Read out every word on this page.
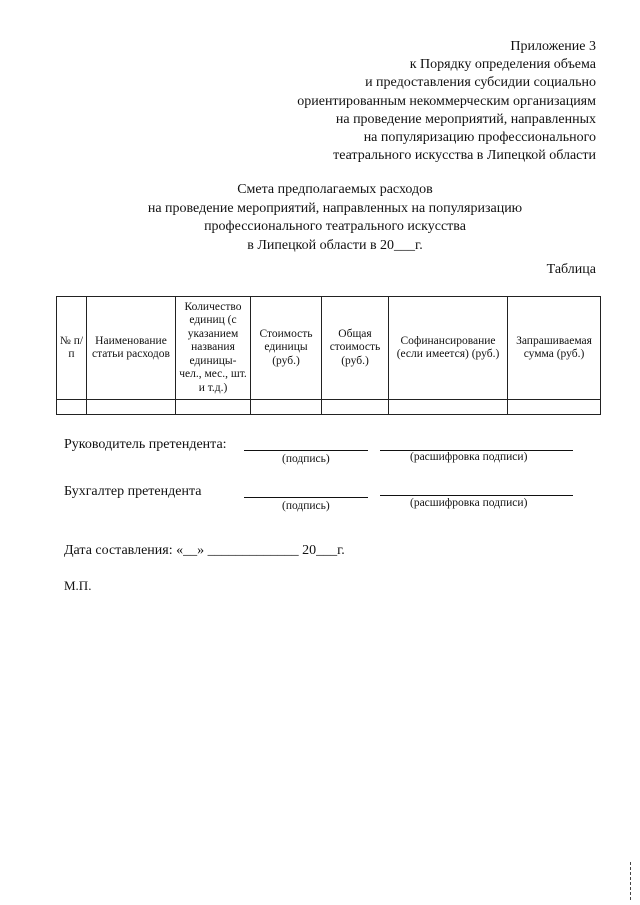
Приложение 3
к Порядку определения объема
и предоставления субсидии социально
ориентированным некоммерческим организациям
на проведение мероприятий, направленных
на популяризацию профессионального
театрального искусства в Липецкой области
Смета предполагаемых расходов
на проведение мероприятий, направленных на популяризацию
профессионального театрального искусства
в Липецкой области в 20___г.
Таблица
№ п/п	Наименование статьи расходов	Количество единиц (с указанием названия единицы- чел., мес., шт. и т.д.)	Стоимость единицы (руб.)	Общая стоимость (руб.)	Софинансирование (если имеется) (руб.)	Запрашиваемая сумма (руб.)

Руководитель претендента:
(подпись)	(расшифровка подписи)
Бухгалтер претендента
(подпись)	(расшифровка подписи)
Дата составления: «__» _____________ 20___г.
М.П.
